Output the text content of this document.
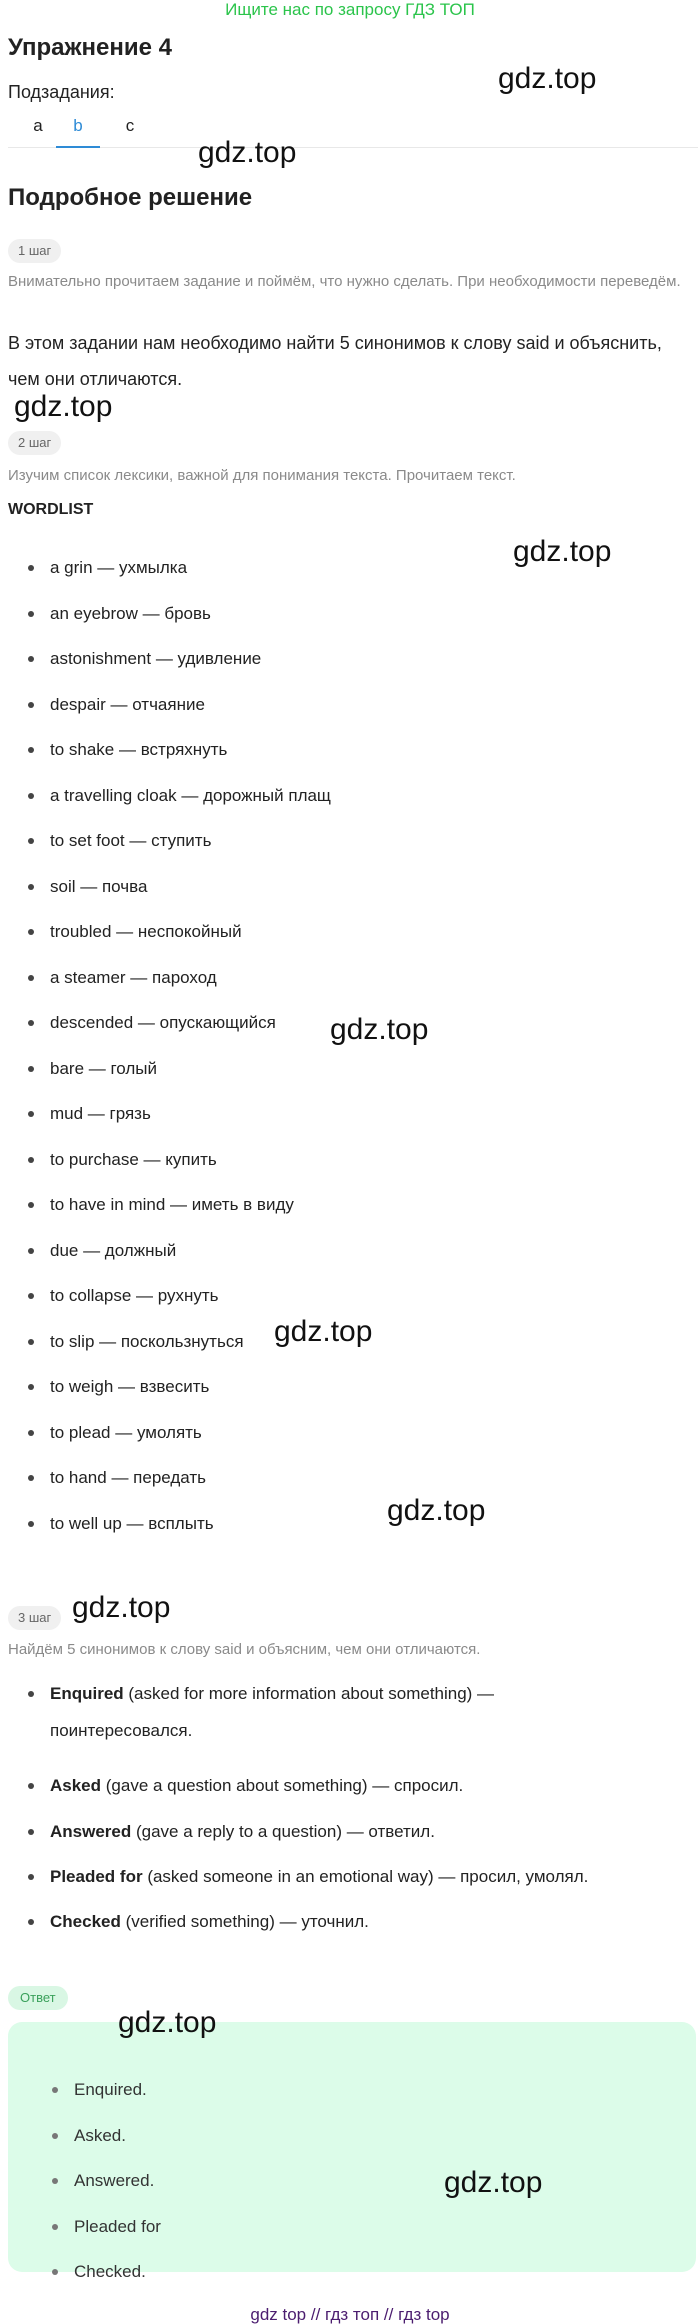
Ищите нас по запросу ГДЗ ТОП
Упражнение 4
Подзадания:
a	b	c
Подробное решение
1 шаг
Внимательно прочитаем задание и поймём, что нужно сделать. При необходимости переведём.
В этом задании нам необходимо найти 5 синонимов к слову said и объяснить, чем они отличаются.
2 шаг
Изучим список лексики, важной для понимания текста. Прочитаем текст.
WORDLIST
a grin — ухмылка
an eyebrow — бровь
astonishment — удивление
despair — отчаяние
to shake — встряхнуть
a travelling cloak — дорожный плащ
to set foot — ступить
soil — почва
troubled — неспокойный
a steamer — пароход
descended — опускающийся
bare — голый
mud — грязь
to purchase — купить
to have in mind — иметь в виду
due — должный
to collapse — рухнуть
to slip — поскользнуться
to weigh — взвесить
to plead — умолять
to hand — передать
to well up — всплыть
3 шаг
Найдём 5 синонимов к слову said и объясним, чем они отличаются.
Enquired (asked for more information about something) —
поинтересовался.
Asked (gave a question about something) — спросил.
Answered (gave a reply to a question) — ответил.
Pleaded for (asked someone in an emotional way) — просил, умолял.
Checked (verified something) — уточнил.
Ответ
Enquired.
Asked.
Answered.
Pleaded for
Checked.
gdz.top
gdz.top
gdz.top
gdz.top
gdz.top
gdz.top
gdz.top
gdz.top
gdz.top
gdz.top
gdz top // гдз топ // гдз top
